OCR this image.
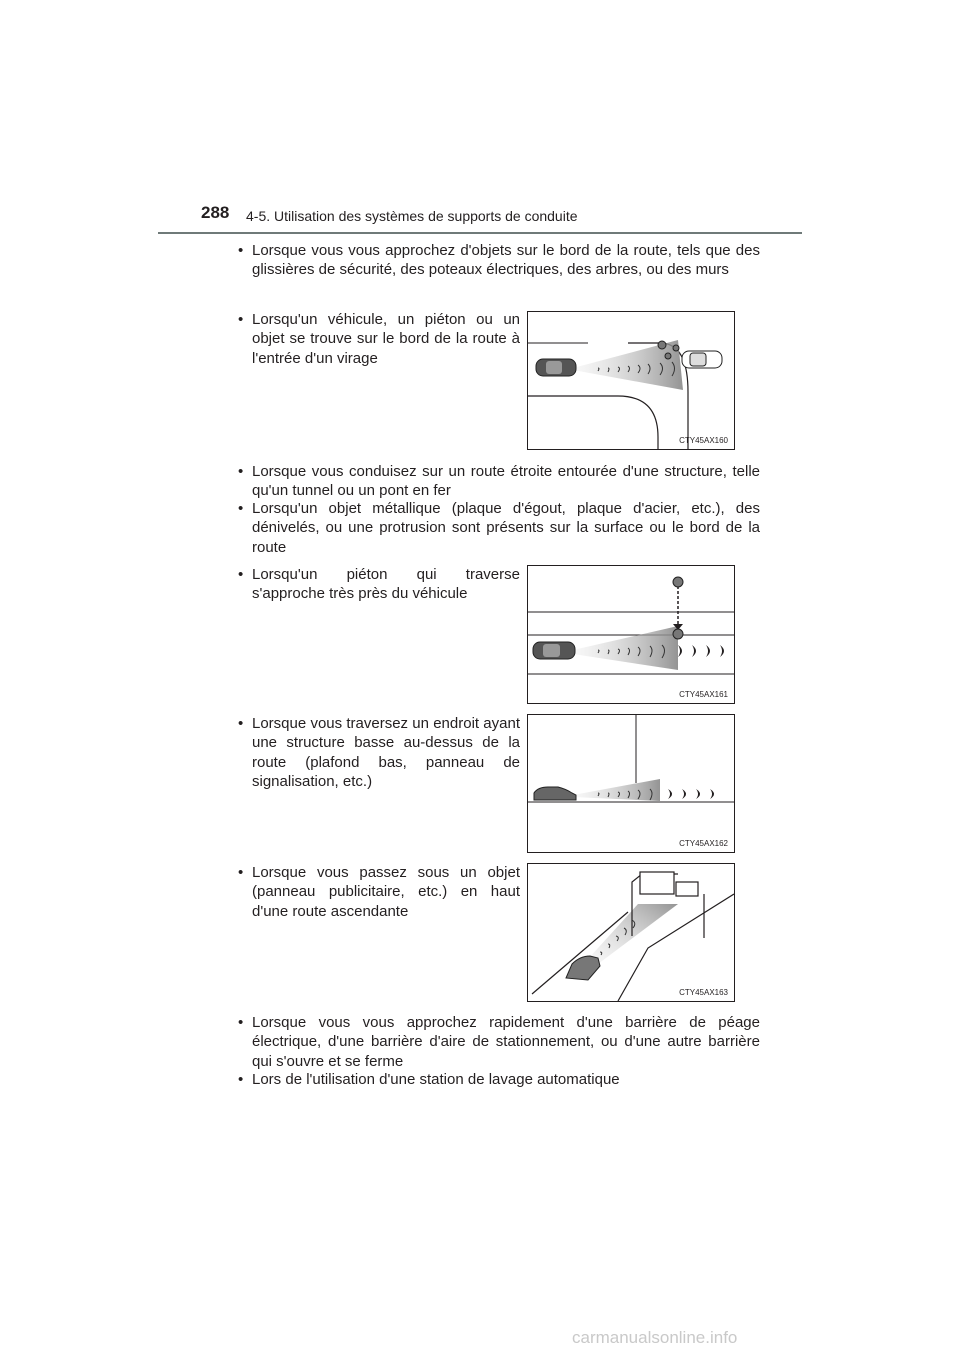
288 4-5. Utilisation des systèmes de supports de conduite
• Lorsque vous vous approchez d'objets sur le bord de la route, tels que des glissières de sécurité, des poteaux électriques, des arbres, ou des murs
• Lorsqu'un véhicule, un piéton ou un objet se trouve sur le bord de la route à l'entrée d'un virage
CTY45AX160
• Lorsque vous conduisez sur un route étroite entourée d'une structure, telle qu'un tunnel ou un pont en fer
• Lorsqu'un objet métallique (plaque d'égout, plaque d'acier, etc.), des dénivelés, ou une protrusion sont présents sur la surface ou le bord de la route
• Lorsqu'un piéton qui traverse s'approche très près du véhicule
CTY45AX161
• Lorsque vous traversez un endroit ayant une structure basse au-dessus de la route (plafond bas, panneau de signalisation, etc.)
CTY45AX162
• Lorsque vous passez sous un objet (panneau publicitaire, etc.) en haut d'une route ascendante
CTY45AX163
• Lorsque vous vous approchez rapidement d'une barrière de péage électrique, d'une barrière d'aire de stationnement, ou d'une autre barrière qui s'ouvre et se ferme
• Lors de l'utilisation d'une station de lavage automatique
carmanualsonline.info
